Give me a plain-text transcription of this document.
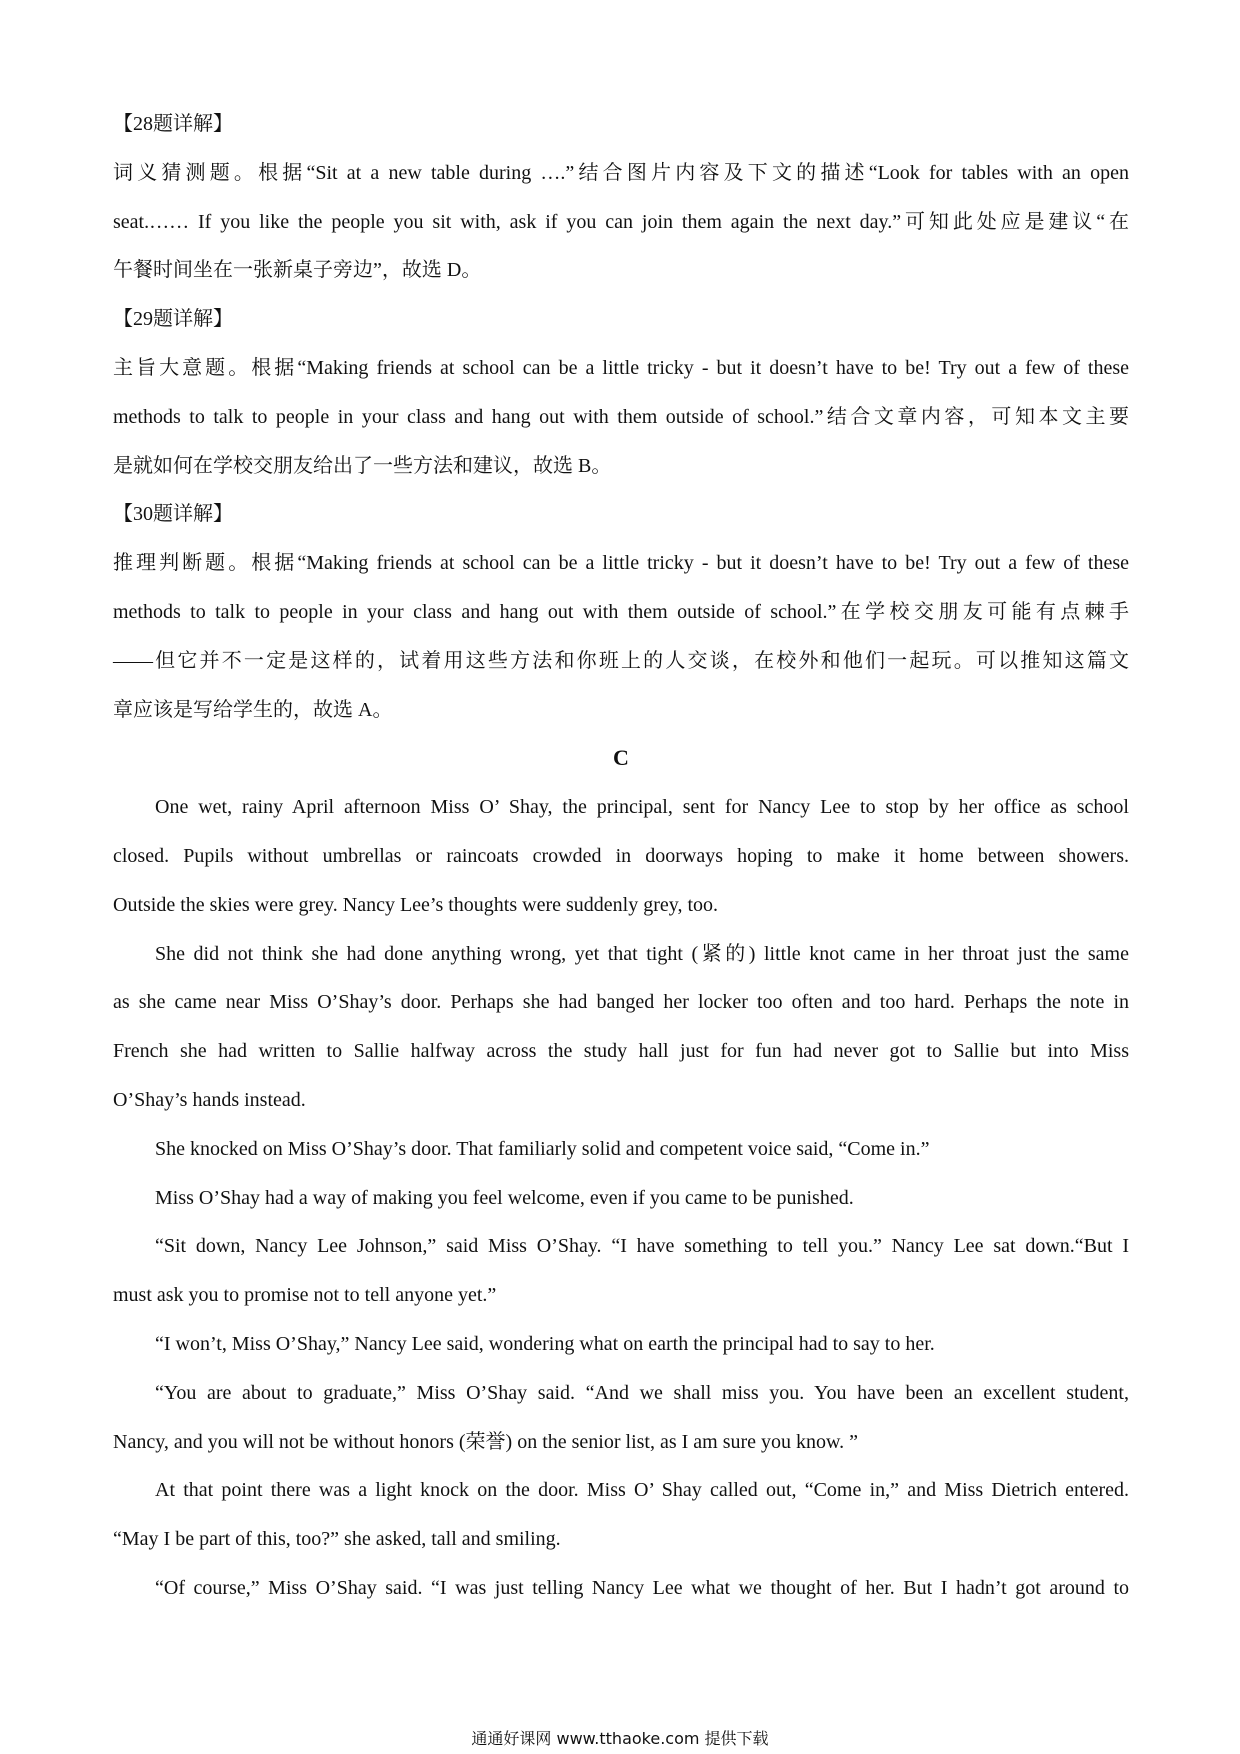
【28题详解】
词义猜测题。根据“Sit at a new table during ….”结合图片内容及下文的描述“Look for tables with an open
seat.…… If you like the people you sit with, ask if you can join them again the next day.”可知此处应是建议“在
午餐时间坐在一张新桌子旁边”，故选 D。
【29题详解】
主旨大意题。根据“Making friends at school can be a little tricky - but it doesn’t have to be! Try out a few of these
methods to talk to people in your class and hang out with them outside of school.”结合文章内容，可知本文主要
是就如何在学校交朋友给出了一些方法和建议，故选 B。
【30题详解】
推理判断题。根据“Making friends at school can be a little tricky - but it doesn’t have to be! Try out a few of these
methods to talk to people in your class and hang out with them outside of school.”在学校交朋友可能有点棘手
——但它并不一定是这样的，试着用这些方法和你班上的人交谈，在校外和他们一起玩。可以推知这篇文
章应该是写给学生的，故选 A。
C
One wet, rainy April afternoon Miss O’ Shay, the principal, sent for Nancy Lee to stop by her office as school
closed. Pupils without umbrellas or raincoats crowded in doorways hoping to make it home between showers.
Outside the skies were grey. Nancy Lee’s thoughts were suddenly grey, too.
She did not think she had done anything wrong, yet that tight (紧的) little knot came in her throat just the same
as she came near Miss O’Shay’s door. Perhaps she had banged her locker too often and too hard. Perhaps the note in
French she had written to Sallie halfway across the study hall just for fun had never got to Sallie but into Miss
O’Shay’s hands instead.
She knocked on Miss O’Shay’s door. That familiarly solid and competent voice said, “Come in.”
Miss O’Shay had a way of making you feel welcome, even if you came to be punished.
“Sit down, Nancy Lee Johnson,” said Miss O’Shay. “I have something to tell you.” Nancy Lee sat down.“But I
must ask you to promise not to tell anyone yet.”
“I won’t, Miss O’Shay,” Nancy Lee said, wondering what on earth the principal had to say to her.
“You are about to graduate,” Miss O’Shay said. “And we shall miss you. You have been an excellent student,
Nancy, and you will not be without honors (荣誉) on the senior list, as I am sure you know. ”
At that point there was a light knock on the door. Miss O’ Shay called out, “Come in,” and Miss Dietrich entered.
“May I be part of this, too?” she asked, tall and smiling.
“Of course,” Miss O’Shay said. “I was just telling Nancy Lee what we thought of her. But I hadn’t got around to
通通好课网 www.tthaoke.com 提供下载
